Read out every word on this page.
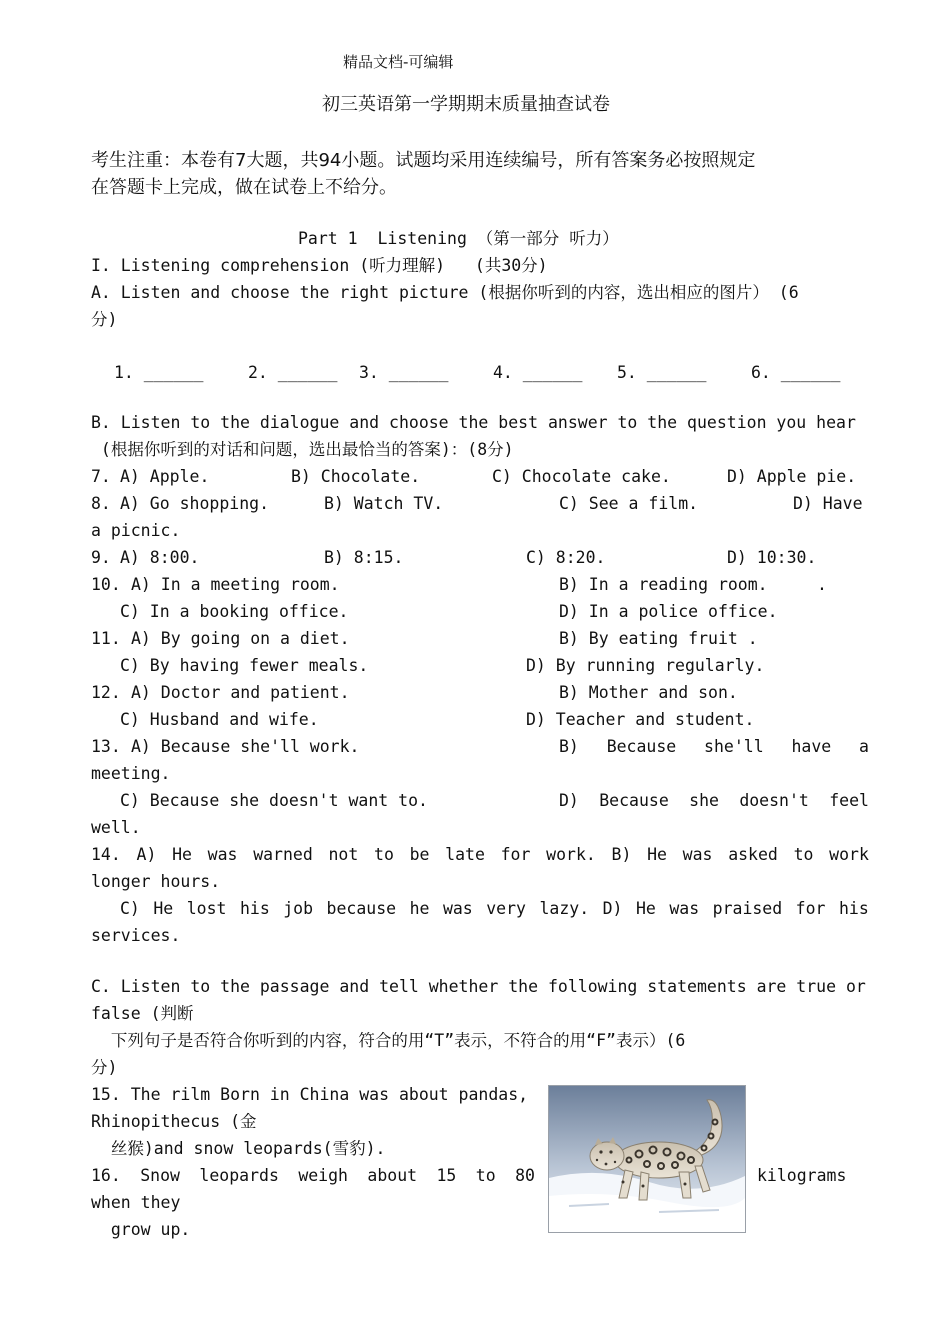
精品文档-可编辑
初三英语第一学期期末质量抽查试卷
考生注重：本卷有7大题，共94小题。试题均采用连续编号，所有答案务必按照规定
在答题卡上完成，做在试卷上不给分。
Part 1  Listening （第一部分 听力）
I. Listening comprehension (听力理解)   (共30分)
A. Listen and choose the right picture (根据你听到的内容，选出相应的图片） (6
分)
1. ______	2. ______ 3. ______	4. ______ 5. ______	6. ______
B. Listen to the dialogue and choose the best answer to the question you hear
(根据你听到的对话和问题，选出最恰当的答案)：(8分)
7. A) Apple.	B) Chocolate.	C) Chocolate cake.	D) Apple pie.
8. A) Go shopping.	B) Watch TV.	C) See a film.	D) Have
a picnic.
9. A) 8:00.	B) 8:15.	C) 8:20.	D) 10:30.
10. A) In a meeting room.	B) In a reading room.	.
C) In a booking office.	D) In a police office.
11. A) By going on a diet.	B) By eating fruit .
C) By having fewer meals.	D) By running regularly.
12. A) Doctor and patient.	B) Mother and son.
C) Husband and wife.	D) Teacher and student.
13. A) Because she'll work.	B) Because she'll have a
meeting.
C) Because she doesn't want to.	D) Because she doesn't feel
well.
14. A) He was warned not to be late for work. B) He was asked to work
longer hours.
C) He lost his job because he was very lazy. D) He was praised for his
services.
C. Listen to the passage and tell whether the following statements are true or
false (判断
下列句子是否符合你听到的内容，符合的用“T”表示，不符合的用“F”表示）(6
分)
15. The rilm Born in China was about pandas,
Rhinopithecus (金
丝猴)and snow leopards(雪豹).
16. Snow leopards weigh about 15 to 80	kilograms
when they
grow up.
